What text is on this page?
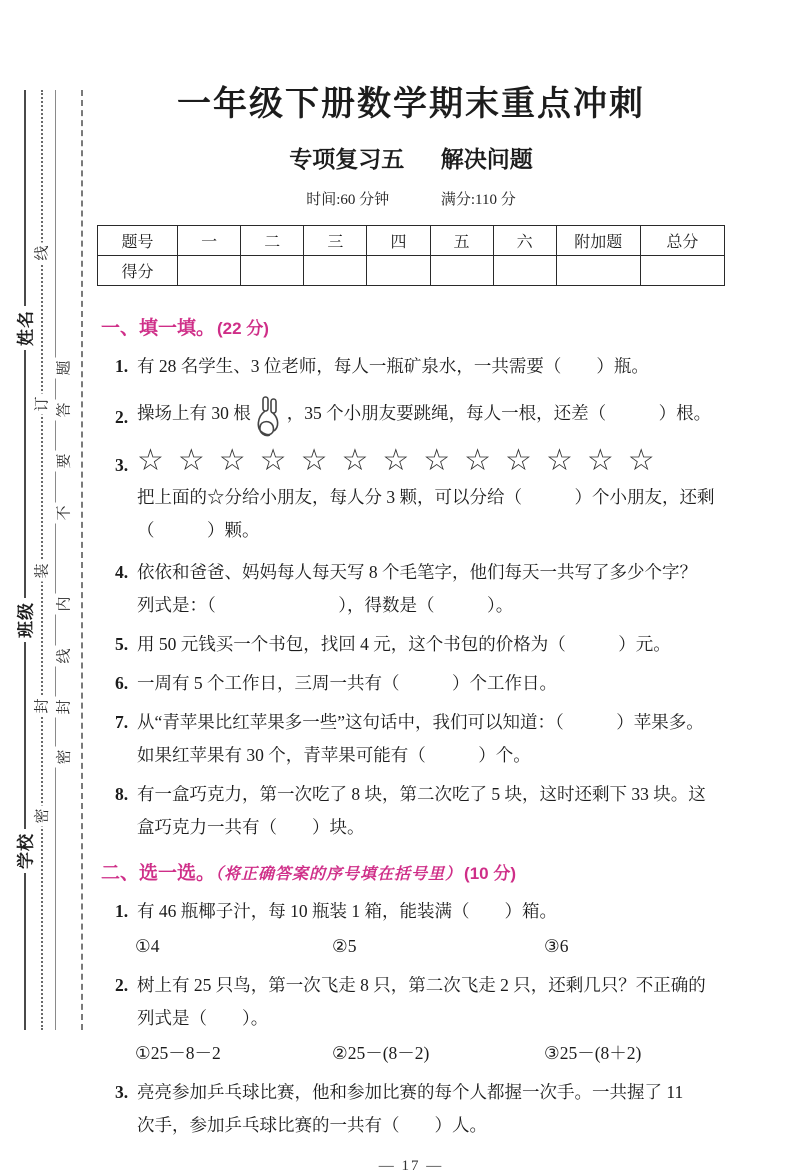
姓名
班级
学校
线
订
装
封
密
题
答
要
不
内
线
封
密
一年级下册数学期末重点冲刺
专项复习五 解决问题
时间:60 分钟	满分:110 分
题号	一	二	三	四	五	六	附加题	总分
得分								
一、填一填。 (22 分)
1. 有 28 名学生、3 位老师，每人一瓶矿泉水，一共需要（　　）瓶。
2. 操场上有 30 根 ，35 个小朋友要跳绳，每人一根，还差（　　　）根。
3. ☆☆☆☆☆☆☆☆☆☆☆☆☆
把上面的☆分给小朋友，每人分 3 颗，可以分给（　　　）个小朋友，还剩
（　　　）颗。
4. 依依和爸爸、妈妈每人每天写 8 个毛笔字，他们每天一共写了多少个字？
列式是：（　　　　　　　），得数是（　　　）。
5. 用 50 元钱买一个书包，找回 4 元，这个书包的价格为（　　　）元。
6. 一周有 5 个工作日，三周一共有（　　　）个工作日。
7. 从“青苹果比红苹果多一些”这句话中，我们可以知道：（　　　）苹果多。
如果红苹果有 30 个，青苹果可能有（　　　）个。
8. 有一盒巧克力，第一次吃了 8 块，第二次吃了 5 块，这时还剩下 33 块。这
盒巧克力一共有（　　）块。
二、选一选。（将正确答案的序号填在括号里） (10 分)
1. 有 46 瓶椰子汁，每 10 瓶装 1 箱，能装满（　　）箱。
①4	②5	③6
2. 树上有 25 只鸟，第一次飞走 8 只，第二次飞走 2 只，还剩几只？不正确的
列式是（　　）。
①25－8－2	②25－(8－2)	③25－(8＋2)
3. 亮亮参加乒乓球比赛，他和参加比赛的每个人都握一次手。一共握了 11
次手，参加乒乓球比赛的一共有（　　）人。
— 17 —
